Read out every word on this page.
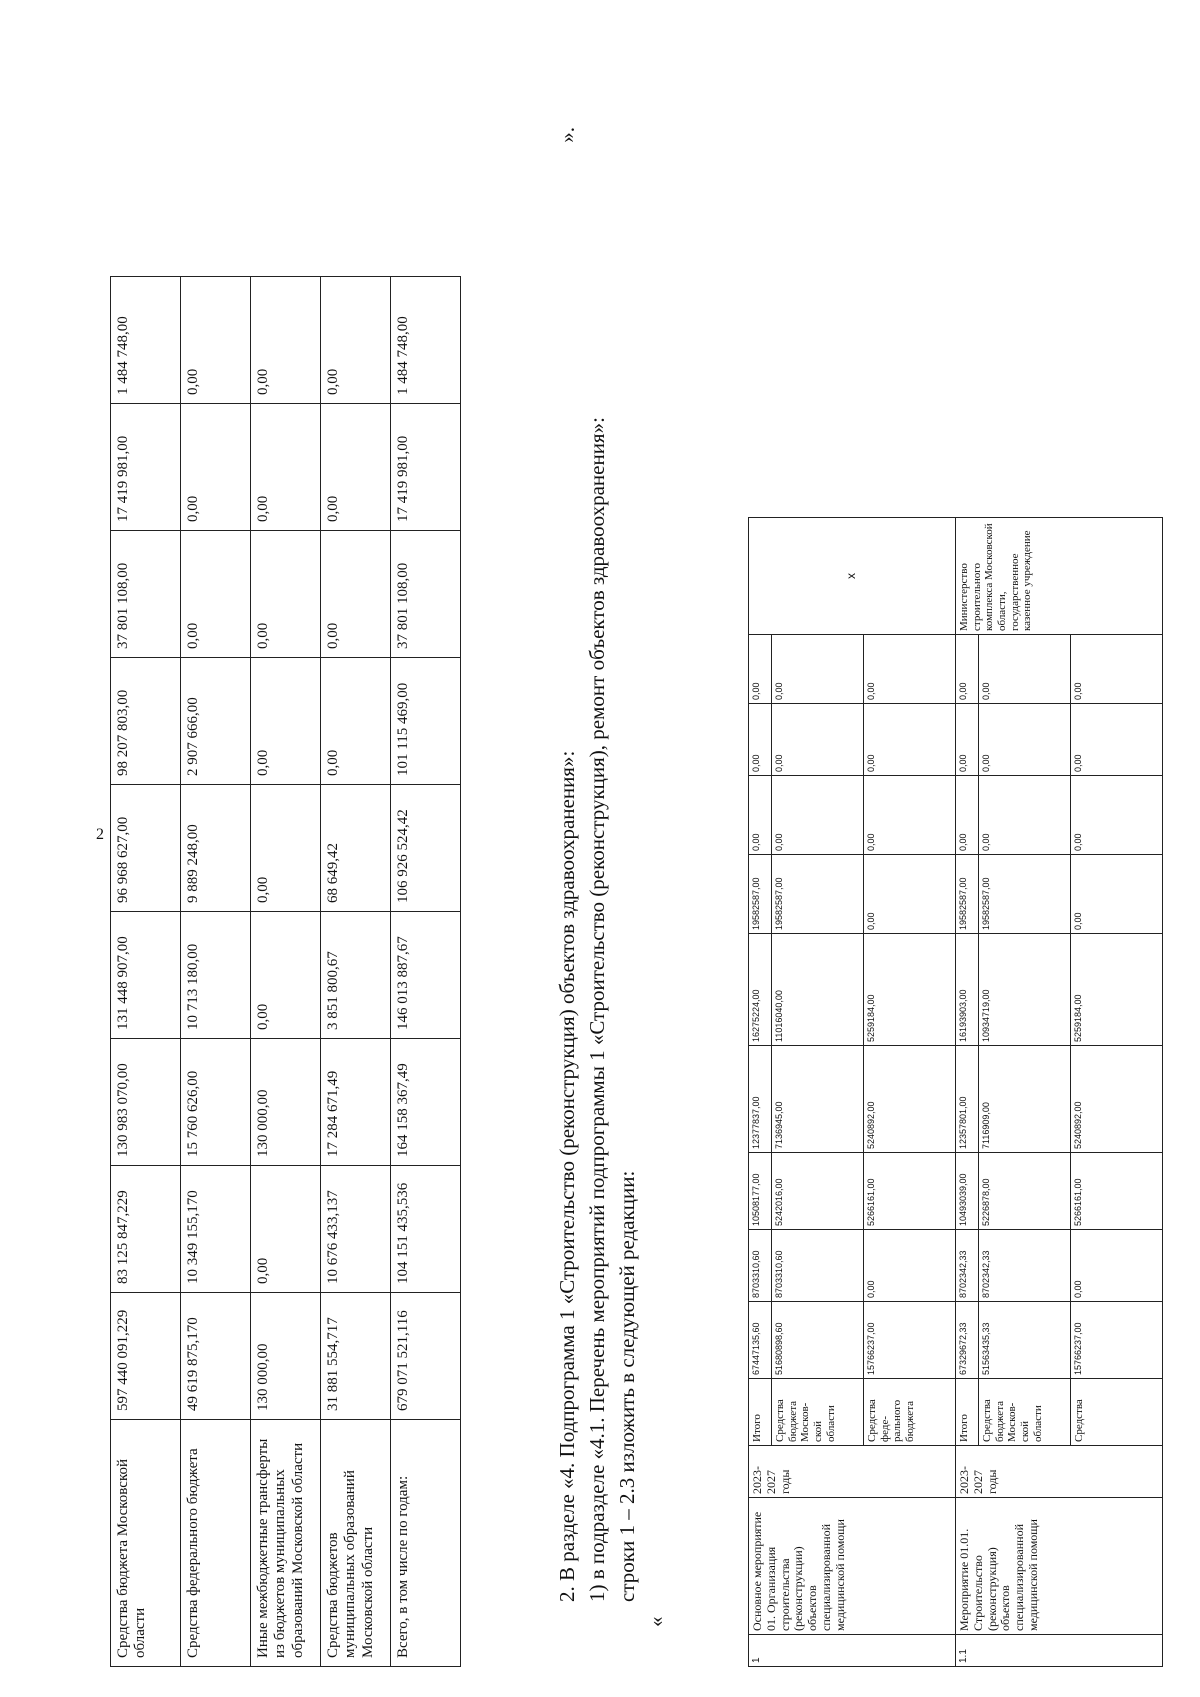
2
Средства бюджета Московской области	597 440 091,229	83 125 847,229	130 983 070,00	131 448 907,00	96 968 627,00	98 207 803,00	37 801 108,00	17 419 981,00	1 484 748,00
Средства федерального бюджета	49 619 875,170	10 349 155,170	15 760 626,00	10 713 180,00	9 889 248,00	2 907 666,00	0,00	0,00	0,00
Иные межбюджетные трансферты из бюджетов муниципальных образований Московской области	130 000,00	0,00	130 000,00	0,00	0,00	0,00	0,00	0,00	0,00
Средства бюджетов муниципальных образований Московской области	31 881 554,717	10 676 433,137	17 284 671,49	3 851 800,67	68 649,42	0,00	0,00	0,00	0,00
Всего, в том числе по годам:	679 071 521,116	104 151 435,536	164 158 367,49	146 013 887,67	106 926 524,42	101 115 469,00	37 801 108,00	17 419 981,00	1 484 748,00
».

2. В разделе «4. Подпрограмма 1 «Строительство (реконструкция) объектов здравоохранения»: 1) в подразделе «4.1. Перечень мероприятий подпрограммы 1 «Строительство (реконструкция), ремонт объектов здравоохранения»: строки 1 – 2.3 изложить в следующей редакции:

«

1	Основное мероприятие 01. Организация строительства (реконструкции) объектов специализированной медицинской помощи	2023-2027 годы	Итого	67447135,60	8703310,60	10508177,00	12377837,00	16275224,00	19582587,00	0,00	0,00	0,00	х
			Средства бюджета Москов-ской области	51680898,60	8703310,60	5242016,00	7136945,00	11016040,00	19582587,00	0,00	0,00	0,00	
			Средства феде-рального бюджета	15766237,00	0,00	5266161,00	5240892,00	5259184,00	0,00	0,00	0,00	0,00	
1.1	Мероприятие 01.01. Строительство (реконструкция) объектов специализированной медицинской помощи	2023-2027 годы	Итого	67329672,33	8702342,33	10493039,00	12357801,00	16193903,00	19582587,00	0,00	0,00	0,00	Министерство строительного комплекса Московской области, государственное казенное учреждение
			Средства бюджета Москов-ской области	51563435,33	8702342,33	5226878,00	7116909,00	10934719,00	19582587,00	0,00	0,00	0,00	
			Средства	15766237,00	0,00	5266161,00	5240892,00	5259184,00	0,00	0,00	0,00	0,00	
